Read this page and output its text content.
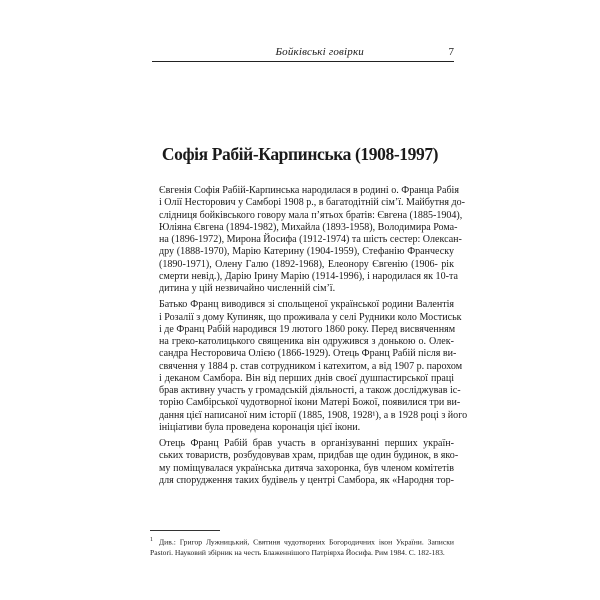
Бойківські говірки	7
Софія Рабій-Карпинська (1908-1997)

Євгенія Софія Рабій-Карпинська народилася в родині о. Франца Рабія
і Олії Несторович у Самборі 1908 р., в багатодітній сім’ї. Майбутня до-
слідниця бойківського говору мала п’ятьох братів: Євгена (1885-1904),
Юліяна Євгена (1894-1982), Михайла (1893-1958), Володимира Рома-
на (1896-1972), Мирона Йосифа (1912-1974) та шість сестер: Олексан-
дру (1888-1970), Марію Катерину (1904-1959), Стефанію Франческу
(1890-1971), Олену Галю (1892-1968), Елеонору Євгенію (1906- рік
смерти невід.), Дарію Ірину Марію (1914-1996), і народилася як 10-та
дитина у цій незвичайно численній сім’ї.

Батько Франц виводився зі спольщеної української родини Валентія
і Розалії з дому Купиняк, що проживала у селі Рудники коло Мостиськ
і де Франц Рабій народився 19 лютого 1860 року. Перед висвяченням
на греко-католицького священика він одружився з донькою о. Олек-
сандра Несторовича Олією (1866-1929). Отець Франц Рабій після ви-
свячення у 1884 р. став сотрудником і катехитом, а від 1907 р. парохом
і деканом Самбора. Він від перших днів своєї душпастирської праці
брав активну участь у громадській діяльності, а також досліджував іс-
торію Самбірської чудотворної ікони Матері Божої, появилися три ви-
дання цієї написаної ним історії (1885, 1908, 1928¹), а в 1928 році з його
ініціативи була проведена коронація цієї ікони.

Отець Франц Рабій брав участь в організуванні перших україн-
ських товариств, розбудовував храм, придбав ще один будинок, в яко-
му поміщувалася українська дитяча захоронка, був членом комітетів
для спорудження таких будівель у центрі Самбора, як «Народня тор-

$^1$ Див.: Григор Лужницький, Святиня чудотворних Богородичних ікон України. Записки Pastori. Науковий збірник на честь Блаженнішого Патріярха Йосифа. Рим 1984. С. 182-183.
